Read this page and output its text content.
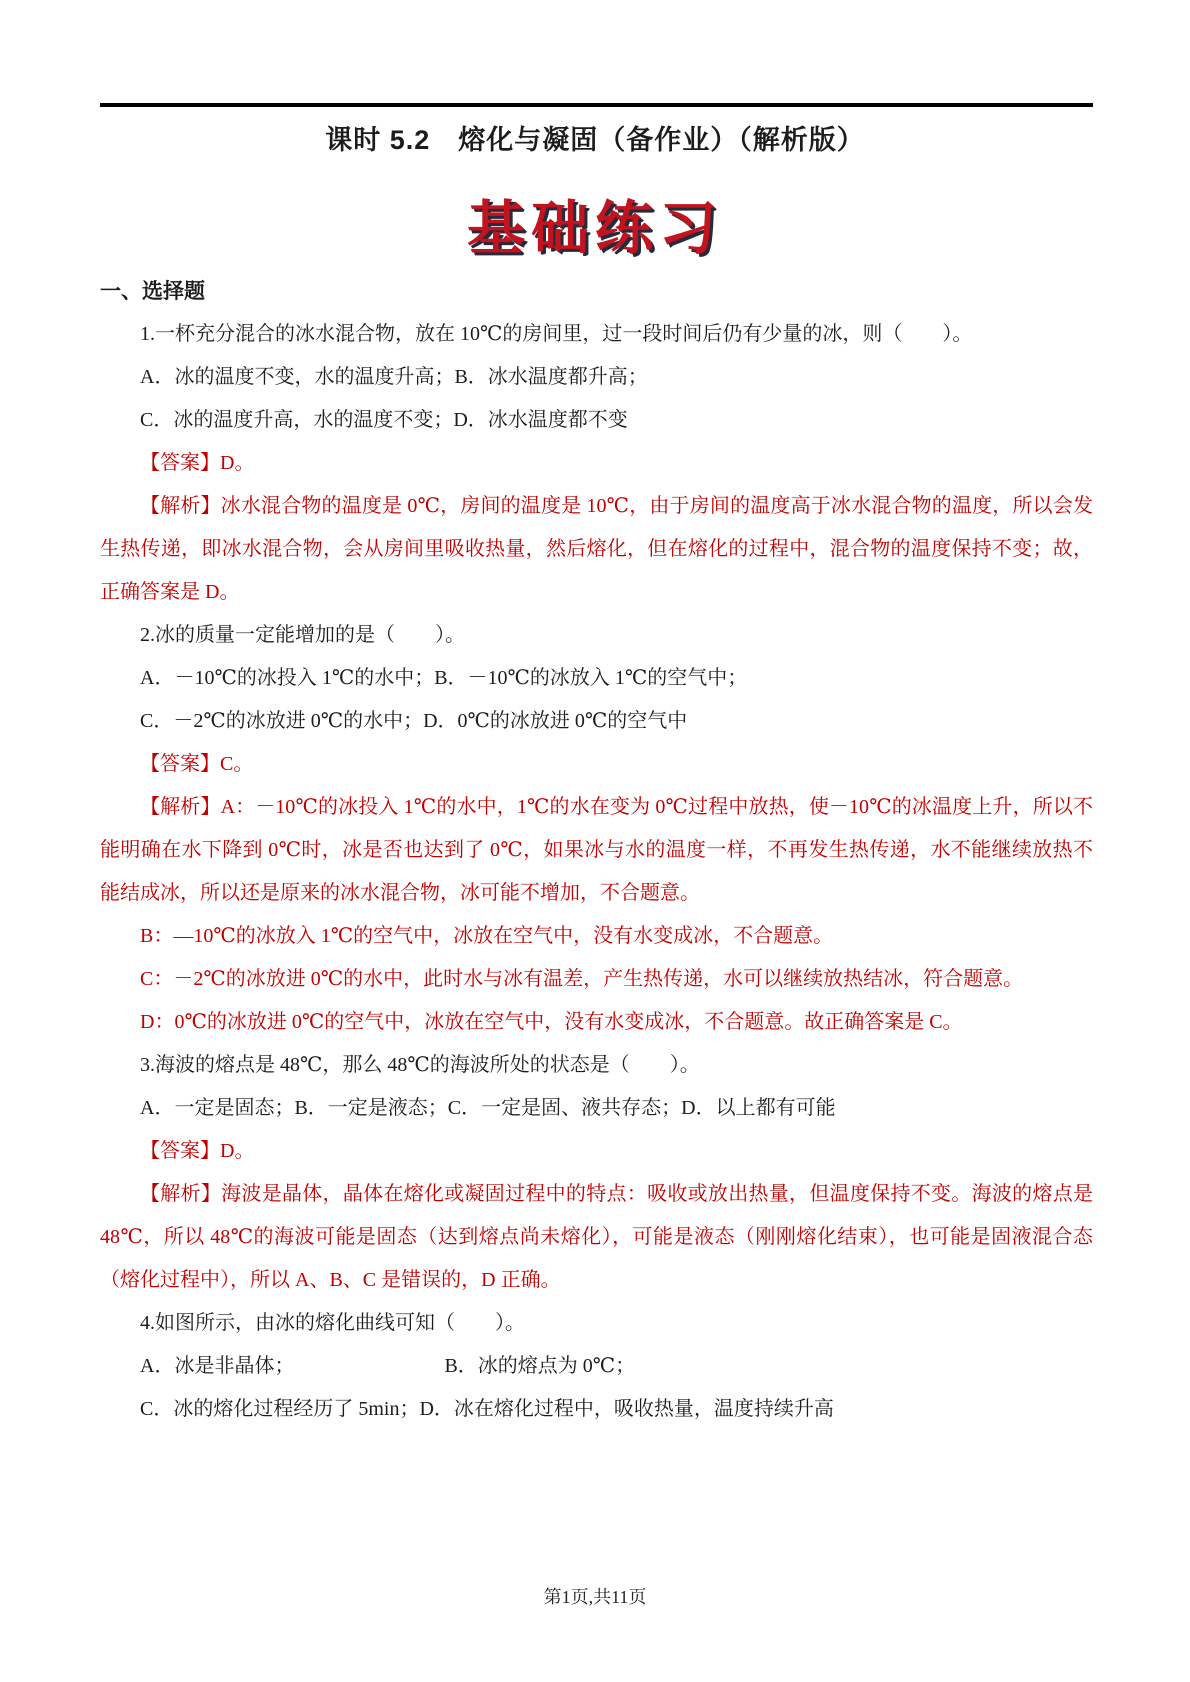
课时 5.2　熔化与凝固（备作业）（解析版）
基础练习
一、选择题

1.一杯充分混合的冰水混合物，放在 10℃的房间里，过一段时间后仍有少量的冰，则（　　）。

A．冰的温度不变，水的温度升高；B．冰水温度都升高；

C．冰的温度升高，水的温度不变；D．冰水温度都不变

【答案】D。

【解析】冰水混合物的温度是 0℃，房间的温度是 10℃，由于房间的温度高于冰水混合物的温度，所以会发生热传递，即冰水混合物，会从房间里吸收热量，然后熔化，但在熔化的过程中，混合物的温度保持不变；故，正确答案是 D。

2.冰的质量一定能增加的是（　　）。

A．－10℃的冰投入 1℃的水中；B．－10℃的冰放入 1℃的空气中；

C．－2℃的冰放进 0℃的水中；D．0℃的冰放进 0℃的空气中

【答案】C。

【解析】A：－10℃的冰投入 1℃的水中，1℃的水在变为 0℃过程中放热，使－10℃的冰温度上升，所以不能明确在水下降到 0℃时，冰是否也达到了 0℃，如果冰与水的温度一样，不再发生热传递，水不能继续放热不能结成冰，所以还是原来的冰水混合物，冰可能不增加，不合题意。

B：—10℃的冰放入 1℃的空气中，冰放在空气中，没有水变成冰，不合题意。

C：－2℃的冰放进 0℃的水中，此时水与冰有温差，产生热传递，水可以继续放热结冰，符合题意。

D：0℃的冰放进 0℃的空气中，冰放在空气中，没有水变成冰，不合题意。故正确答案是 C。

3.海波的熔点是 48℃，那么 48℃的海波所处的状态是（　　）。

A．一定是固态；B．一定是液态；C．一定是固、液共存态；D．以上都有可能

【答案】D。

【解析】海波是晶体，晶体在熔化或凝固过程中的特点：吸收或放出热量，但温度保持不变。海波的熔点是 48℃，所以 48℃的海波可能是固态（达到熔点尚未熔化），可能是液态（刚刚熔化结束），也可能是固液混合态（熔化过程中），所以 A、B、C 是错误的，D 正确。

4.如图所示，由冰的熔化曲线可知（　　）。

A．冰是非晶体；　　　　　　　　B．冰的熔点为 0℃；

C．冰的熔化过程经历了 5min；D．冰在熔化过程中，吸收热量，温度持续升高

第1页,共11页
